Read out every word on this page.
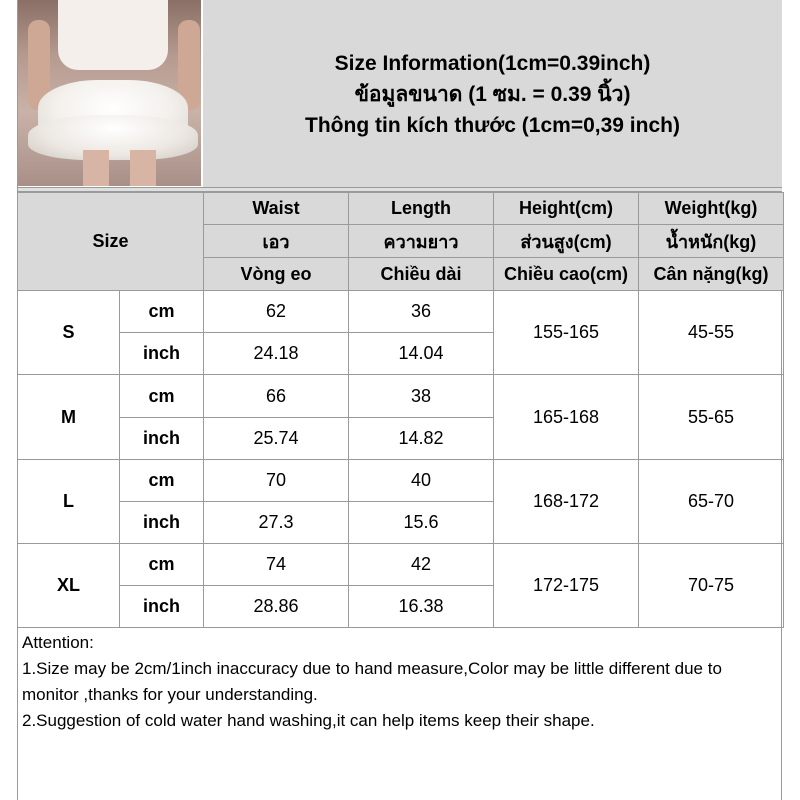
Size Information(1cm=0.39inch)
ข้อมูลขนาด (1 ซม. = 0.39 นิ้ว)
Thông tin kích thước (1cm=0,39 inch)
Size		Waist	Length	Height(cm)	Weight(kg)
		เอว	ความยาว	ส่วนสูง(cm)	น้ำหนัก(kg)
		Vòng eo	Chiều dài	Chiều cao(cm)	Cân nặng(kg)
S	cm	62	36	155-165	45-55
	inch	24.18	14.04		
M	cm	66	38	165-168	55-65
	inch	25.74	14.82		
L	cm	70	40	168-172	65-70
	inch	27.3	15.6		
XL	cm	74	42	172-175	70-75
	inch	28.86	16.38		

Attention:

1.Size may be 2cm/1inch inaccuracy due to hand measure,Color may be little different due to monitor ,thanks for your understanding.

2.Suggestion of cold water hand washing,it can help items keep their shape.
